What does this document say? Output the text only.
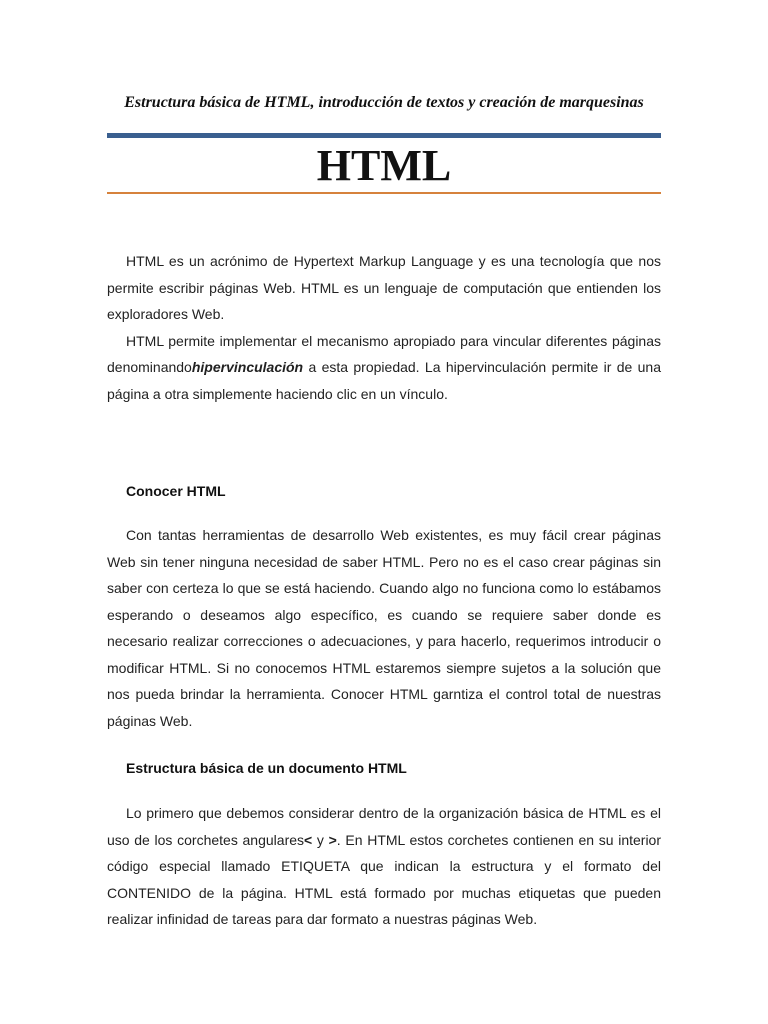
Estructura básica de HTML, introducción de textos y creación de marquesinas
HTML

HTML es un acrónimo de Hypertext Markup Language y es una tecnología que nos permite escribir páginas Web. HTML es un lenguaje de computación que entienden los exploradores Web.

HTML permite implementar el mecanismo apropiado para vincular diferentes páginas denominandohipervinculación a esta propiedad. La hipervinculación permite ir de una página a otra simplemente haciendo clic en un vínculo.

Conocer HTML

Con tantas herramientas de desarrollo Web existentes, es muy fácil crear páginas Web sin tener ninguna necesidad de saber HTML. Pero no es el caso crear páginas sin saber con certeza lo que se está haciendo. Cuando algo no funciona como lo estábamos esperando o deseamos algo específico, es cuando se requiere saber donde es necesario realizar correcciones o adecuaciones, y para hacerlo, requerimos introducir o modificar HTML. Si no conocemos HTML estaremos siempre sujetos a la solución que nos pueda brindar la herramienta. Conocer HTML garntiza el control total de nuestras páginas Web.

Estructura básica de un documento HTML

Lo primero que debemos considerar dentro de la organización básica de HTML es el uso de los corchetes angulares< y >. En HTML estos corchetes contienen en su interior código especial llamado ETIQUETA que indican la estructura y el formato del CONTENIDO de la página. HTML está formado por muchas etiquetas que pueden realizar infinidad de tareas para dar formato a nuestras páginas Web.
